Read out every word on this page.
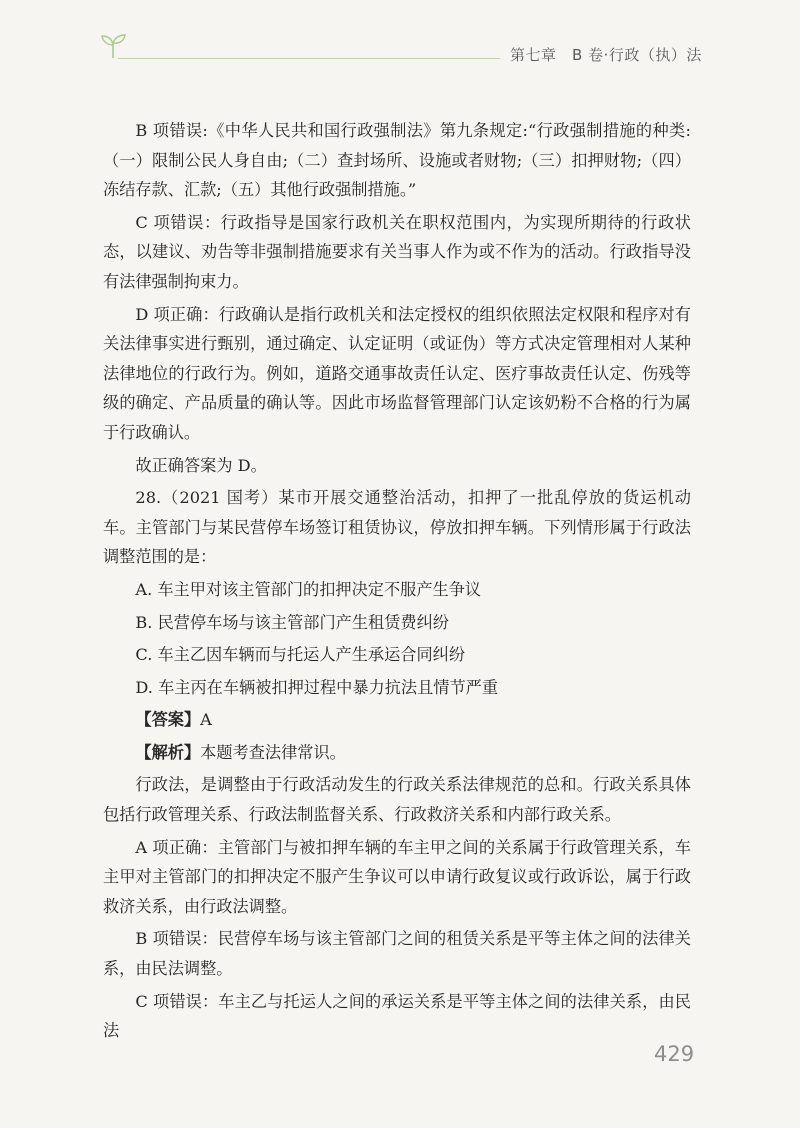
第七章　B 卷·行政（执）法

B 项错误:《中华人民共和国行政强制法》第九条规定:“行政强制措施的种类:（一）限制公民人身自由;（二）查封场所、设施或者财物;（三）扣押财物;（四）冻结存款、汇款;（五）其他行政强制措施。”

C 项错误：行政指导是国家行政机关在职权范围内，为实现所期待的行政状态，以建议、劝告等非强制措施要求有关当事人作为或不作为的活动。行政指导没有法律强制拘束力。

D 项正确：行政确认是指行政机关和法定授权的组织依照法定权限和程序对有关法律事实进行甄别，通过确定、认定证明（或证伪）等方式决定管理相对人某种法律地位的行政行为。例如，道路交通事故责任认定、医疗事故责任认定、伤残等级的确定、产品质量的确认等。因此市场监督管理部门认定该奶粉不合格的行为属于行政确认。

故正确答案为 D。

28.（2021 国考）某市开展交通整治活动，扣押了一批乱停放的货运机动车。主管部门与某民营停车场签订租赁协议，停放扣押车辆。下列情形属于行政法调整范围的是：

A. 车主甲对该主管部门的扣押决定不服产生争议

B. 民营停车场与该主管部门产生租赁费纠纷

C. 车主乙因车辆而与托运人产生承运合同纠纷

D. 车主丙在车辆被扣押过程中暴力抗法且情节严重

【答案】A

【解析】本题考查法律常识。

行政法，是调整由于行政活动发生的行政关系法律规范的总和。行政关系具体包括行政管理关系、行政法制监督关系、行政救济关系和内部行政关系。

A 项正确：主管部门与被扣押车辆的车主甲之间的关系属于行政管理关系，车主甲对主管部门的扣押决定不服产生争议可以申请行政复议或行政诉讼，属于行政救济关系，由行政法调整。

B 项错误：民营停车场与该主管部门之间的租赁关系是平等主体之间的法律关系，由民法调整。

C 项错误：车主乙与托运人之间的承运关系是平等主体之间的法律关系，由民法

429
